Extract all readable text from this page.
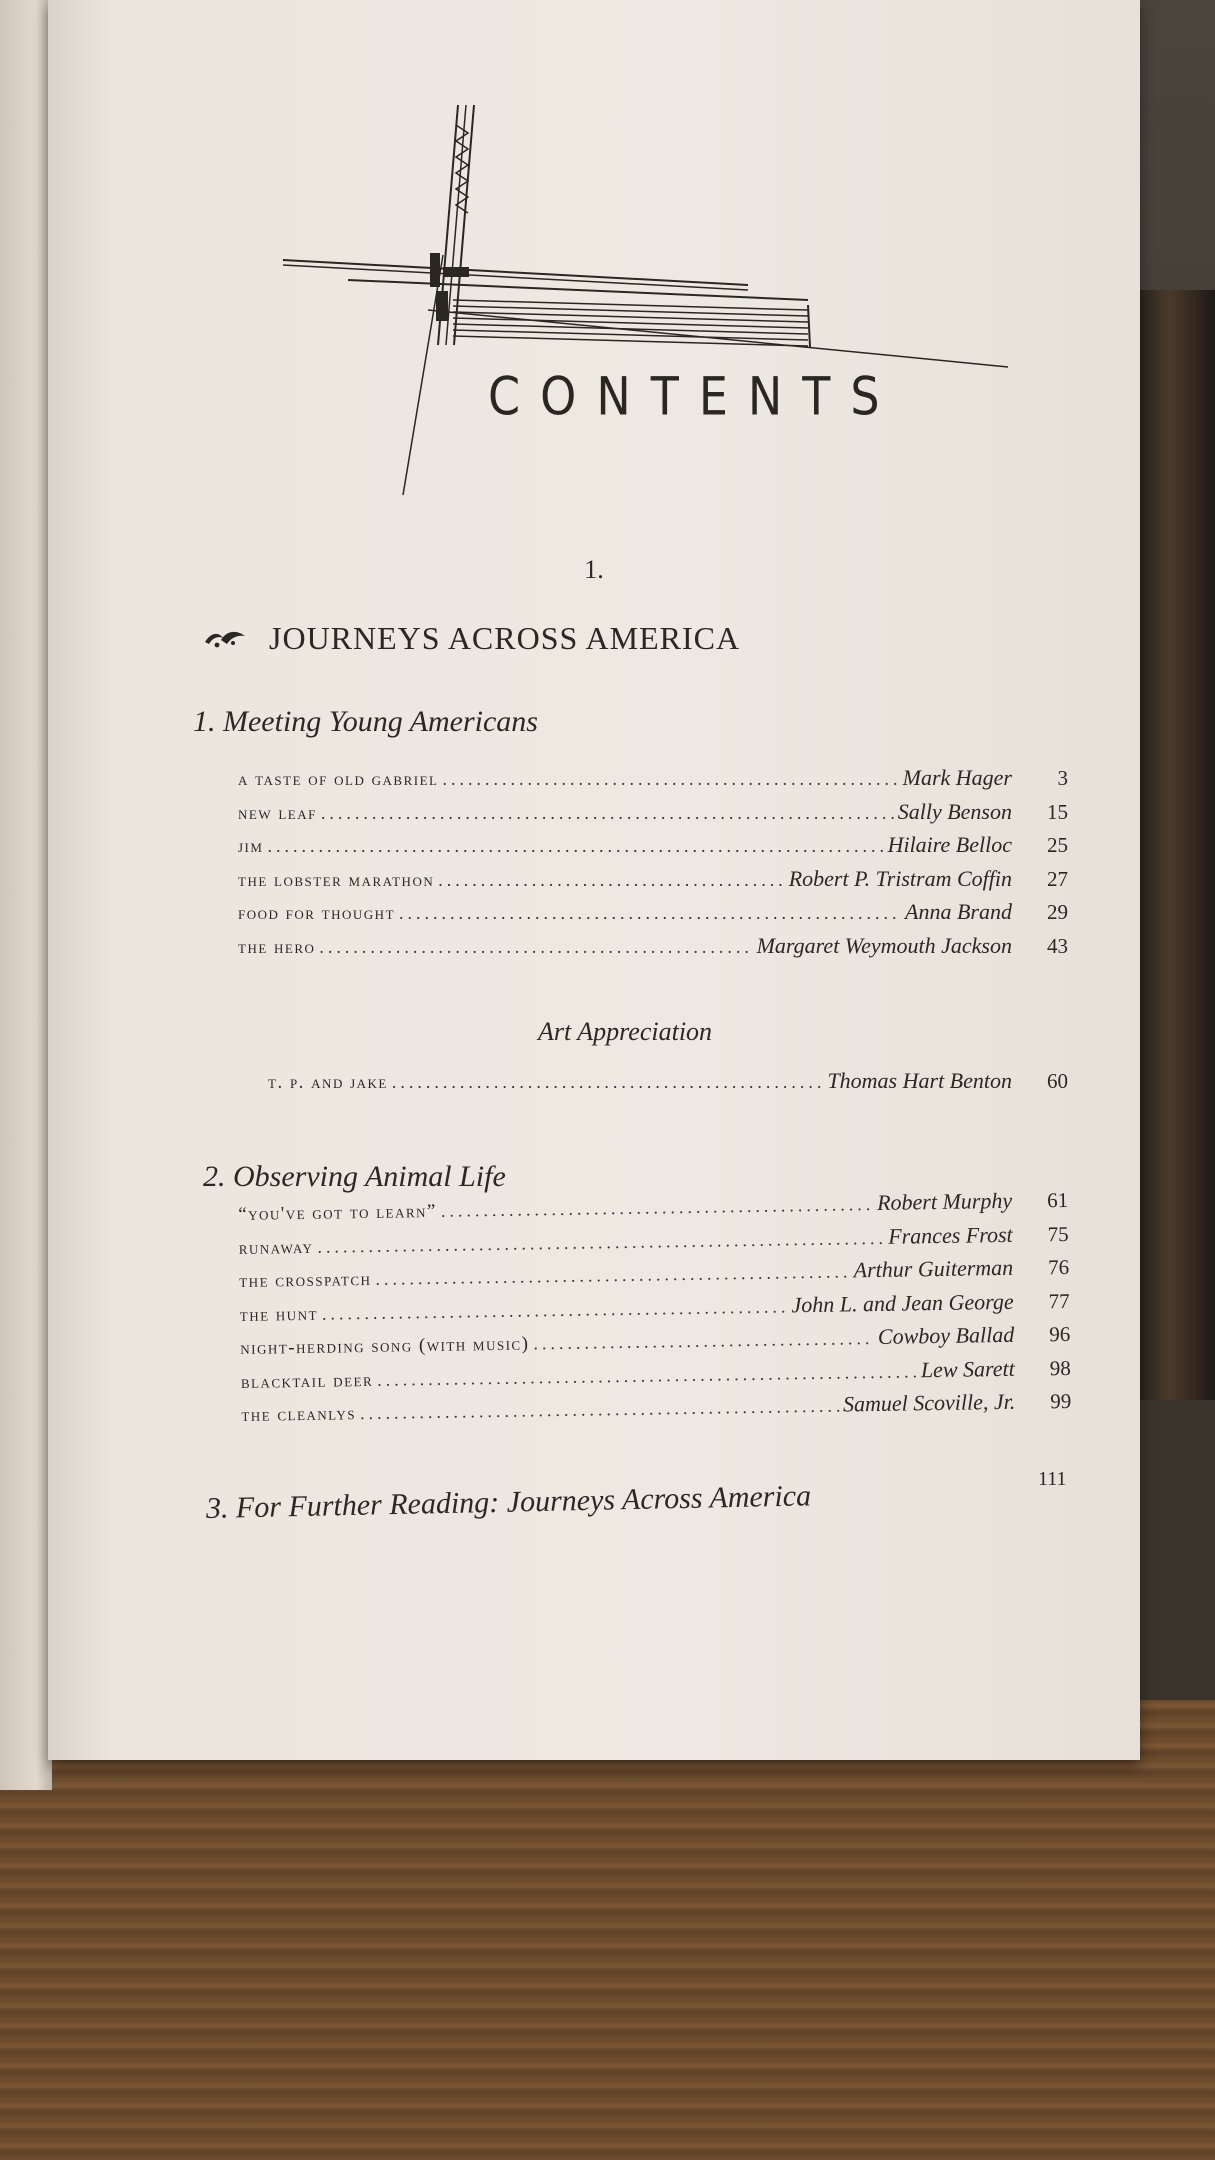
CONTENTS
1.
JOURNEYS ACROSS AMERICA
1. Meeting Young Americans
a taste of old gabriel .....	Mark Hager	3
new leaf .....	Sally Benson	15
jim .....	Hilaire Belloc	25
the lobster marathon .....	Robert P. Tristram Coffin	27
food for thought .....	Anna Brand	29
the hero .....	Margaret Weymouth Jackson	43
Art Appreciation
t. p. and jake .....	Thomas Hart Benton	60
2. Observing Animal Life
“you've got to learn” .....	Robert Murphy	61
runaway .....	Frances Frost	75
the crosspatch .....	Arthur Guiterman	76
the hunt .....	John L. and Jean George	77
night-herding song (with music) .....	Cowboy Ballad	96
blacktail deer .....	Lew Sarett	98
the cleanlys .....	Samuel Scoville, Jr.	99
111
3. For Further Reading: Journeys Across America
